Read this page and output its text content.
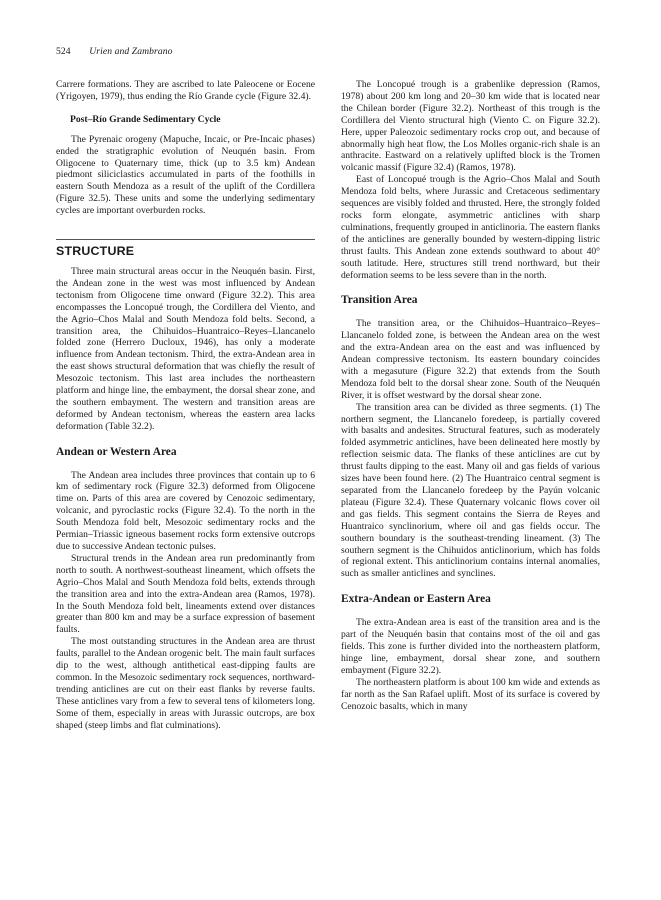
524 Urien and Zambrano

Carrere formations. They are ascribed to late Paleocene or Eocene (Yrigoyen, 1979), thus ending the Río Grande cycle (Figure 32.4).

Post–Río Grande Sedimentary Cycle

The Pyrenaic orogeny (Mapuche, Incaic, or Pre-Incaic phases) ended the stratigraphic evolution of Neuquén basin. From Oligocene to Quaternary time, thick (up to 3.5 km) Andean piedmont siliciclastics accumulated in parts of the foothills in eastern South Mendoza as a result of the uplift of the Cordillera (Figure 32.5). These units and some the underlying sedimentary cycles are important overburden rocks.

STRUCTURE

Three main structural areas occur in the Neuquén basin. First, the Andean zone in the west was most influenced by Andean tectonism from Oligocene time onward (Figure 32.2). This area encompasses the Loncopué trough, the Cordillera del Viento, and the Agrio–Chos Malal and South Mendoza fold belts. Second, a transition area, the Chihuidos–Huantraico–Reyes–Llancanelo folded zone (Herrero Ducloux, 1946), has only a moderate influence from Andean tectonism. Third, the extra-Andean area in the east shows structural deformation that was chiefly the result of Mesozoic tectonism. This last area includes the northeastern platform and hinge line, the embayment, the dorsal shear zone, and the southern embayment. The western and transition areas are deformed by Andean tectonism, whereas the eastern area lacks deformation (Table 32.2).

Andean or Western Area

The Andean area includes three provinces that contain up to 6 km of sedimentary rock (Figure 32.3) deformed from Oligocene time on. Parts of this area are covered by Cenozoic sedimentary, volcanic, and pyroclastic rocks (Figure 32.4). To the north in the South Mendoza fold belt, Mesozoic sedimentary rocks and the Permian–Triassic igneous basement rocks form extensive outcrops due to successive Andean tectonic pulses.

Structural trends in the Andean area run predominantly from north to south. A northwest-southeast lineament, which offsets the Agrio–Chos Malal and South Mendoza fold belts, extends through the transition area and into the extra-Andean area (Ramos, 1978). In the South Mendoza fold belt, lineaments extend over distances greater than 800 km and may be a surface expression of basement faults.

The most outstanding structures in the Andean area are thrust faults, parallel to the Andean orogenic belt. The main fault surfaces dip to the west, although antithetical east-dipping faults are common. In the Mesozoic sedimentary rock sequences, northward-trending anticlines are cut on their east flanks by reverse faults. These anticlines vary from a few to several tens of kilometers long. Some of them, especially in areas with Jurassic outcrops, are box shaped (steep limbs and flat culminations).

The Loncopué trough is a grabenlike depression (Ramos, 1978) about 200 km long and 20–30 km wide that is located near the Chilean border (Figure 32.2). Northeast of this trough is the Cordillera del Viento structural high (Viento C. on Figure 32.2). Here, upper Paleozoic sedimentary rocks crop out, and because of abnormally high heat flow, the Los Molles organic-rich shale is an anthracite. Eastward on a relatively uplifted block is the Tromen volcanic massif (Figure 32.4) (Ramos, 1978).

East of Loncopué trough is the Agrio–Chos Malal and South Mendoza fold belts, where Jurassic and Cretaceous sedimentary sequences are visibly folded and thrusted. Here, the strongly folded rocks form elongate, asymmetric anticlines with sharp culminations, frequently grouped in anticlinoria. The eastern flanks of the anticlines are generally bounded by western-dipping listric thrust faults. This Andean zone extends southward to about 40° south latitude. Here, structures still trend northward, but their deformation seems to be less severe than in the north.

Transition Area

The transition area, or the Chihuidos–Huantraico–Reyes–Llancanelo folded zone, is between the Andean area on the west and the extra-Andean area on the east and was influenced by Andean compressive tectonism. Its eastern boundary coincides with a megasuture (Figure 32.2) that extends from the South Mendoza fold belt to the dorsal shear zone. South of the Neuquén River, it is offset westward by the dorsal shear zone.

The transition area can be divided as three segments. (1) The northern segment, the Llancanelo foredeep, is partially covered with basalts and andesites. Structural features, such as moderately folded asymmetric anticlines, have been delineated here mostly by reflection seismic data. The flanks of these anticlines are cut by thrust faults dipping to the east. Many oil and gas fields of various sizes have been found here. (2) The Huantraico central segment is separated from the Llancanelo foredeep by the Payún volcanic plateau (Figure 32.4). These Quaternary volcanic flows cover oil and gas fields. This segment contains the Sierra de Reyes and Huantraico synclinorium, where oil and gas fields occur. The southern boundary is the southeast-trending lineament. (3) The southern segment is the Chihuidos anticlinorium, which has folds of regional extent. This anticlinorium contains internal anomalies, such as smaller anticlines and synclines.

Extra-Andean or Eastern Area

The extra-Andean area is east of the transition area and is the part of the Neuquén basin that contains most of the oil and gas fields. This zone is further divided into the northeastern platform, hinge line, embayment, dorsal shear zone, and southern embayment (Figure 32.2).

The northeastern platform is about 100 km wide and extends as far north as the San Rafael uplift. Most of its surface is covered by Cenozoic basalts, which in many
